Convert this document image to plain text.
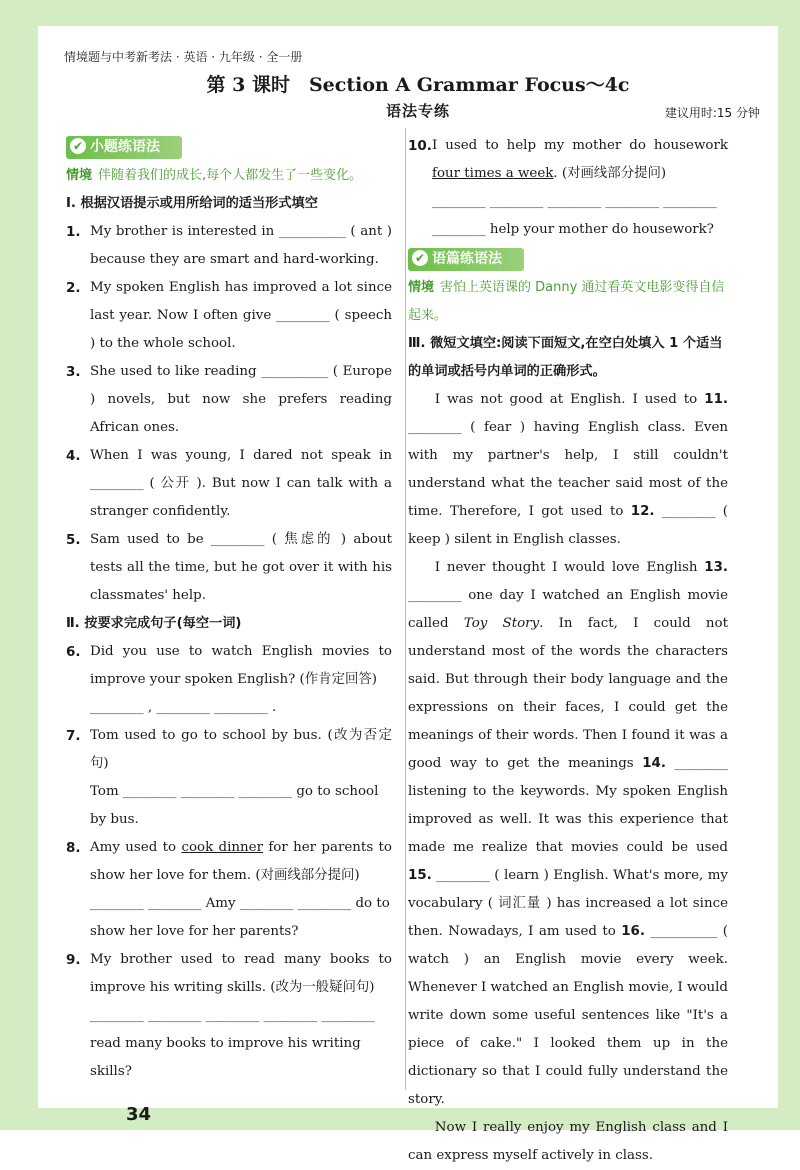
情境题与中考新考法 · 英语 · 九年级 · 全一册
第 3 课时　Section A Grammar Focus～4c
语法专练	建议用时:15 分钟
✔ 小题练语法
情境 伴随着我们的成长,每个人都发生了一些变化。
Ⅰ. 根据汉语提示或用所给词的适当形式填空
1. My brother is interested in __________ ( ant ) because they are smart and hard-working.
2. My spoken English has improved a lot since last year. Now I often give ________ ( speech ) to the whole school.
3. She used to like reading __________ ( Europe ) novels, but now she prefers reading African ones.
4. When I was young, I dared not speak in ________ ( 公开 ). But now I can talk with a stranger confidently.
5. Sam used to be ________ ( 焦虑的 ) about tests all the time, but he got over it with his classmates' help.
Ⅱ. 按要求完成句子(每空一词)
6. Did you use to watch English movies to improve your spoken English? (作肯定回答)
________ , ________ ________ .
7. Tom used to go to school by bus. (改为否定句)
Tom ________ ________ ________ go to school by bus.
8. Amy used to cook dinner for her parents to show her love for them. (对画线部分提问)
________ ________ Amy ________ ________ do to show her love for her parents?
9. My brother used to read many books to improve his writing skills. (改为一般疑问句)
________ ________ ________ ________ ________ read many books to improve his writing skills?
10. I used to help my mother do housework four times a week. (对画线部分提问)
________ ________ ________ ________ ________ ________ help your mother do housework?
✔ 语篇练语法
情境 害怕上英语课的 Danny 通过看英文电影变得自信起来。
Ⅲ. 微短文填空:阅读下面短文,在空白处填入 1 个适当的单词或括号内单词的正确形式。

I was not good at English. I used to 11. ________ ( fear ) having English class. Even with my partner's help, I still couldn't understand what the teacher said most of the time. Therefore, I got used to 12. ________ ( keep ) silent in English classes.

I never thought I would love English 13. ________ one day I watched an English movie called Toy Story. In fact, I could not understand most of the words the characters said. But through their body language and the expressions on their faces, I could get the meanings of their words. Then I found it was a good way to get the meanings 14. ________ listening to the keywords. My spoken English improved as well. It was this experience that made me realize that movies could be used 15. ________ ( learn ) English. What's more, my vocabulary ( 词汇量 ) has increased a lot since then. Nowadays, I am used to 16. __________ ( watch ) an English movie every week. Whenever I watched an English movie, I would write down some useful sentences like "It's a piece of cake." I looked them up in the dictionary so that I could fully understand the story.

Now I really enjoy my English class and I can express myself actively in class.

34
